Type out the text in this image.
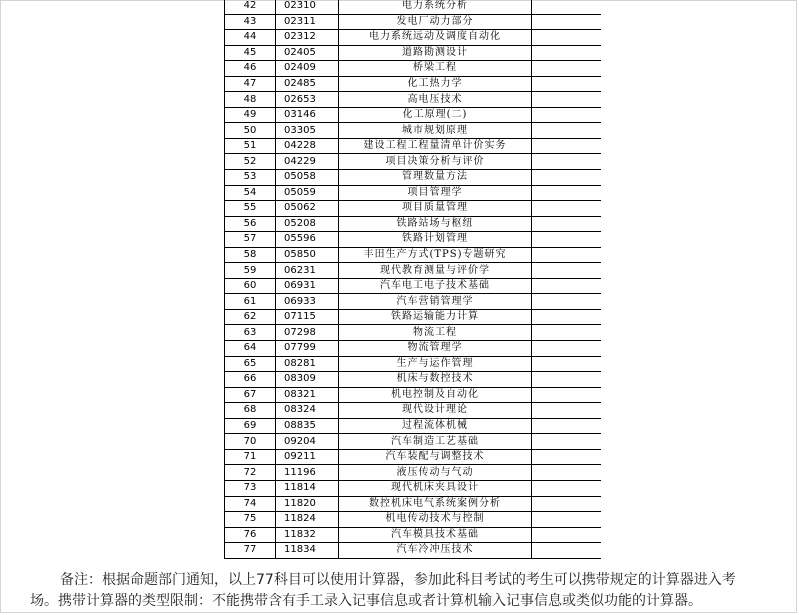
42	02310	电力系统分析	
43	02311	发电厂动力部分	
44	02312	电力系统远动及调度自动化	
45	02405	道路勘测设计	
46	02409	桥梁工程	
47	02485	化工热力学	
48	02653	高电压技术	
49	03146	化工原理(二)	
50	03305	城市规划原理	
51	04228	建设工程工程量清单计价实务	
52	04229	项目决策分析与评价	
53	05058	管理数量方法	
54	05059	项目管理学	
55	05062	项目质量管理	
56	05208	铁路站场与枢纽	
57	05596	铁路计划管理	
58	05850	丰田生产方式(TPS)专题研究	
59	06231	现代教育测量与评价学	
60	06931	汽车电工电子技术基础	
61	06933	汽车营销管理学	
62	07115	铁路运输能力计算	
63	07298	物流工程	
64	07799	物流管理学	
65	08281	生产与运作管理	
66	08309	机床与数控技术	
67	08321	机电控制及自动化	
68	08324	现代设计理论	
69	08835	过程流体机械	
70	09204	汽车制造工艺基础	
71	09211	汽车装配与调整技术	
72	11196	液压传动与气动	
73	11814	现代机床夹具设计	
74	11820	数控机床电气系统案例分析	
75	11824	机电传动技术与控制	
76	11832	汽车模具技术基础	
77	11834	汽车冷冲压技术	
备注：根据命题部门通知，以上77科目可以使用计算器，参加此科目考试的考生可以携带规定的计算器进入考
场。携带计算器的类型限制：不能携带含有手工录入记事信息或者计算机输入记事信息或类似功能的计算器。
